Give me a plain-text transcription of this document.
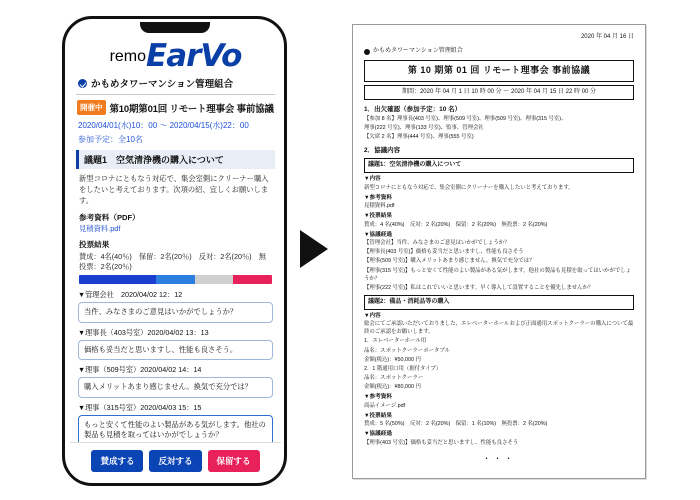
remo EarVo
かもめタワーマンション管理組合
開催中 第10期第01回 リモート理事会 事前協議
2020/04/01(水)10：00 ～ 2020/04/15(水)22：00
参加予定：全10名
議題1　空気清浄機の購入について
新型コロナにともなう対応で、集会室側にクリーナー購入をしたいと考えております。次項の紹、宜しくお願いします。
参考資料（PDF）
見積資料.pdf
投票結果
賛成：4名(40％)　保留：2名(20％)　反対：2名(20％)　無投票：2名(20％)
▼管理会社　2020/04/02 12：12
当件、みなさまのご意見はいかがでしょうか？
▼理事長（403号室）2020/04/02 13：13
価格も妥当だと思いますし、性能も良さそう。
▼理事（509号室）2020/04/02 14：14
購入メリットあまり感じません。換気で充分では？
▼理事（315号室）2020/04/03 15：15
もっと安くて性能のよい製品がある気がします。他社の製品も見積を取ってはいかがでしょうか？
賛成する	反対する	保留する
2020 年 04 月 16 日
かもめタワーマンション管理組合
第 10 期第 01 回 リモート理事会 事前協議
期間：2020 年 04 月 1 日 10 時 00 分 ～ 2020 年 04 月 15 日 22 時 00 分
1．出欠確認（参加予定：10 名）
【参加 8 名】理事長(403 号室)、理事(509 号室)、理事(509 号室)、理事(315 号室)、
理事(222 号室)、理事(133 号室)、監事、管理会社
【欠席 2 名】理事(444 号室)、理事(555 号室)
2．協議内容
議題1：空気清浄機の購入について
▼内容
新型コロナにともなう対応で、集会室側にクリーナーを購入したいと考えております。
▼参考資料
見積資料.pdf
▼投票結果
賛成：4 名(40%)　反対：2 名(20%)　保留：2 名(20%)　無投票：2 名(20%)
▼協議経過
【管理会社】当件、みなさまのご意見はいかがでしょうか？
【理事長(403 号室)】価格も妥当だと思いますし、性能も良さそう
【理事(509 号室)】購入メリットあまり感じません。換気で充分では？
【理事(315 号室)】もっと安くて性能のよい製品がある気がします。他社の製品も見積を取ってはいかがでしょうか？
【理事(222 号室)】私はこれでいいと思います。早く導入して設置することを優先しませんか？
議題2：備品・消耗品等の購入
▼内容
総会にてご承認いただいておりました、エレベーターホールおよび正面通用スポットクーラーの購入について最終のご承認をお願いします。
1．エレベーターホール用
品名：スポットクーラーポータブル
金額(税込)：¥50,000 円
2．1 階通用口用（据付タイプ）
品名：スポットクーラー
金額(税込)：¥80,000 円
▼参考資料
商品イメージ.pdf
▼投票結果
賛成：5 名(50%)　反対：2 名(20%)　保留：1 名(10%)　無投票：2 名(20%)
▼協議経過
【理事(403 号室)】価格も妥当だと思いますし、性能も良さそう
・・・
